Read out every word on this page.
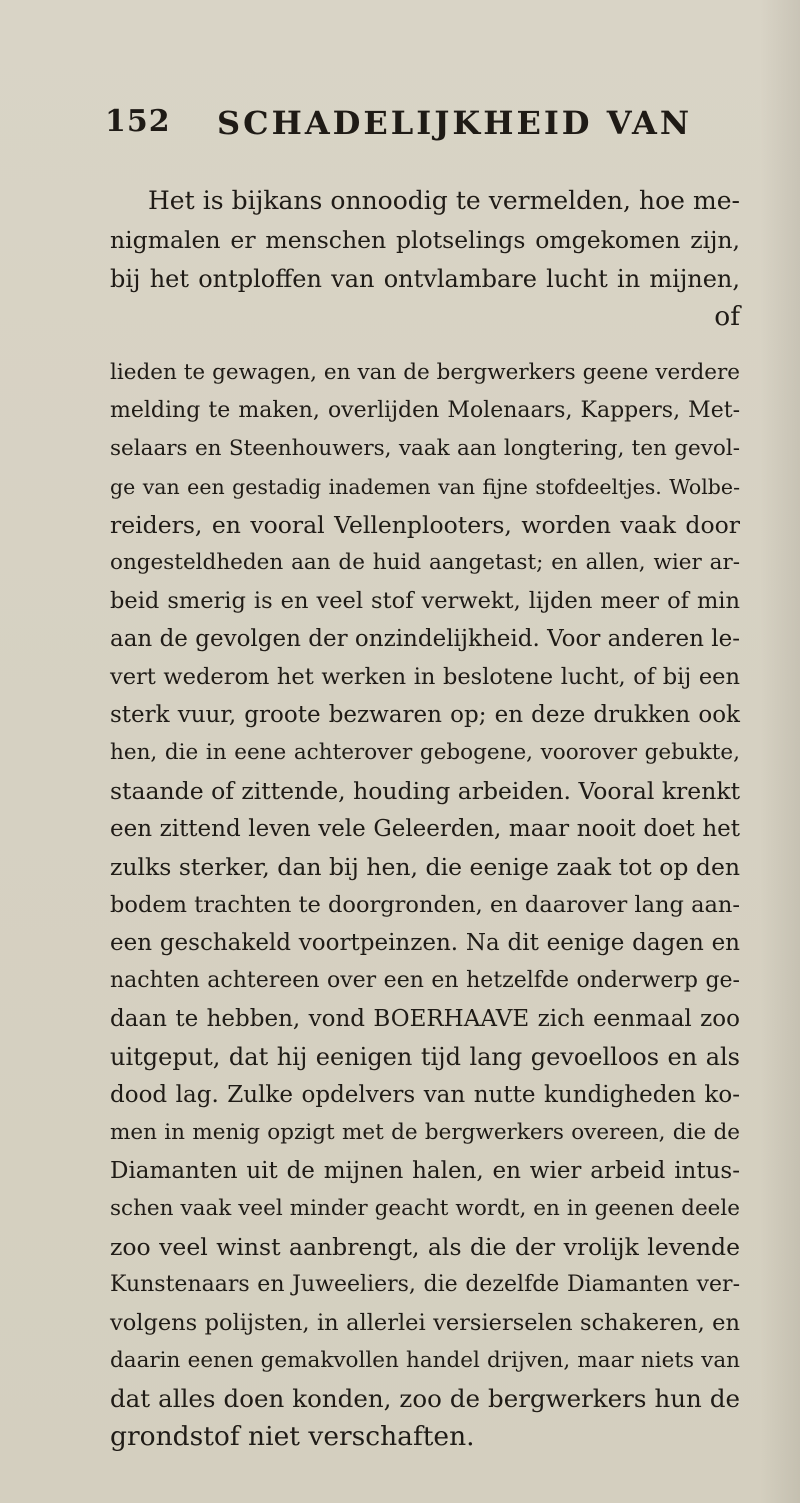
152 SCHADELIJKHEID VAN
Het is bijkans onnoodig te vermelden, hoe me-
nigmalen er menschen plotselings omgekomen zijn,
bij het ontploffen van ontvlambare lucht in mijnen,
of
lieden te gewagen, en van de bergwerkers geene verdere
melding te maken, overlijden Molenaars, Kappers, Met-
selaars en Steenhouwers, vaak aan longtering, ten gevol-
ge van een gestadig inademen van fijne stofdeeltjes. Wolbe-
reiders, en vooral Vellenplooters, worden vaak door
ongesteldheden aan de huid aangetast; en allen, wier ar-
beid smerig is en veel stof verwekt, lijden meer of min
aan de gevolgen der onzindelijkheid. Voor anderen le-
vert wederom het werken in beslotene lucht, of bij een
sterk vuur, groote bezwaren op; en deze drukken ook
hen, die in eene achterover gebogene, voorover gebukte,
staande of zittende, houding arbeiden. Vooral krenkt
een zittend leven vele Geleerden, maar nooit doet het
zulks sterker, dan bij hen, die eenige zaak tot op den
bodem trachten te doorgronden, en daarover lang aan-
een geschakeld voortpeinzen. Na dit eenige dagen en
nachten achtereen over een en hetzelfde onderwerp ge-
daan te hebben, vond BOERHAAVE zich eenmaal zoo
uitgeput, dat hij eenigen tijd lang gevoelloos en als
dood lag. Zulke opdelvers van nutte kundigheden ko-
men in menig opzigt met de bergwerkers overeen, die de
Diamanten uit de mijnen halen, en wier arbeid intus-
schen vaak veel minder geacht wordt, en in geenen deele
zoo veel winst aanbrengt, als die der vrolijk levende
Kunstenaars en Juweeliers, die dezelfde Diamanten ver-
volgens polijsten, in allerlei versierselen schakeren, en
daarin eenen gemakvollen handel drijven, maar niets van
dat alles doen konden, zoo de bergwerkers hun de
grondstof niet verschaften.
